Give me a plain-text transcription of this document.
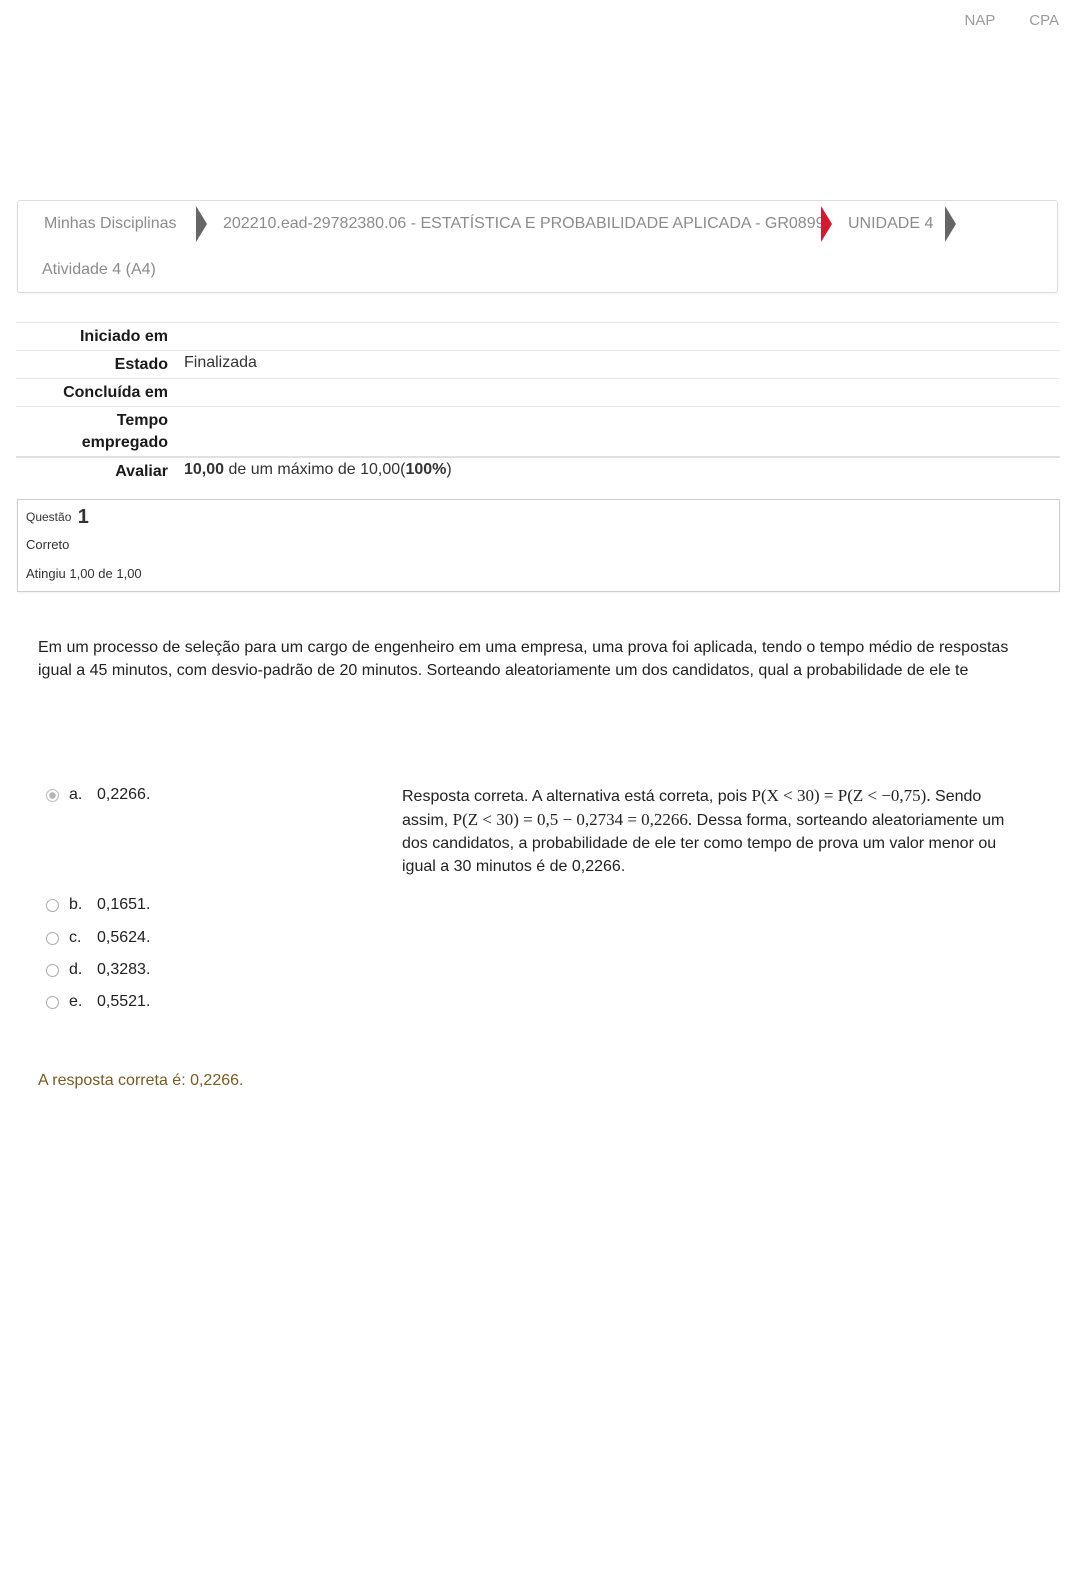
NAP CPA
Minhas Disciplinas	202210.ead-29782380.06 - ESTATÍSTICA E PROBABILIDADE APLICADA - GR0899 UNIDADE 4
Atividade 4 (A4)
Iniciado em
Estado	Finalizada
Concluída em
Tempo
empregado
Avaliar	10,00 de um máximo de 10,00(100%)
Questão 1
Correto
Atingiu 1,00 de 1,00
Em um processo de seleção para um cargo de engenheiro em uma empresa, uma prova foi aplicada, tendo o tempo médio de respostas igual a 45 minutos, com desvio-padrão de 20 minutos. Sorteando aleatoriamente um dos candidatos, qual a probabilidade de ele te
a. 0,2266.
b. 0,1651.
c. 0,5624.
d. 0,3283.
e. 0,5521.
Resposta correta. A alternativa está correta, pois P(X < 30) = P(Z < −0,75). Sendo assim, P(Z < 30) = 0,5 − 0,2734 = 0,2266. Dessa forma, sorteando aleatoriamente um dos candidatos, a probabilidade de ele ter como tempo de prova um valor menor ou igual a 30 minutos é de 0,2266.
A resposta correta é: 0,2266.
